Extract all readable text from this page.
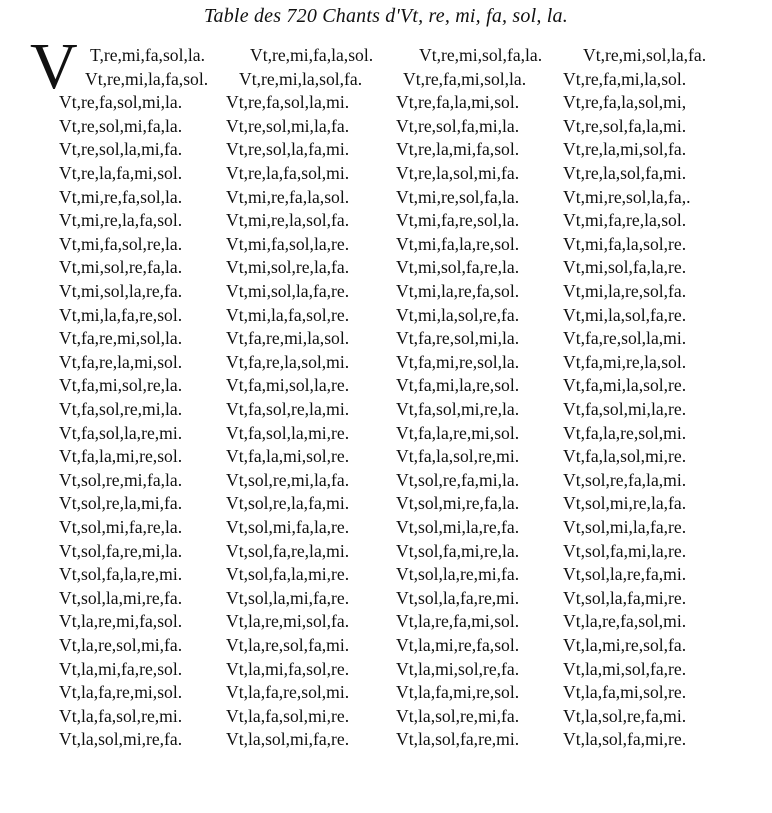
Table des 720 Chants d'Vt, re, mi, fa, sol, la.
V T,re,mi,fa,sol,la.	Vt,re,mi,fa,la,sol.	Vt,re,mi,sol,fa,la. Vt,re,mi,sol,la,fa.
Vt,re,mi,la,fa,sol. Vt,re,mi,la,sol,fa. Vt,re,fa,mi,sol,la. Vt,re,fa,mi,la,sol.
Vt,re,fa,sol,mi,la. Vt,re,fa,sol,la,mi.	Vt,re,fa,la,mi,sol. Vt,re,fa,la,sol,mi,
Vt,re,sol,mi,fa,la. Vt,re,sol,mi,la,fa.	Vt,re,sol,fa,mi,la. Vt,re,sol,fa,la,mi.
Vt,re,sol,la,mi,fa. Vt,re,sol,la,fa,mi.	Vt,re,la,mi,fa,sol. Vt,re,la,mi,sol,fa.
Vt,re,la,fa,mi,sol. Vt,re,la,fa,sol,mi.	Vt,re,la,sol,mi,fa. Vt,re,la,sol,fa,mi.
Vt,mi,re,fa,sol,la. Vt,mi,re,fa,la,sol.	Vt,mi,re,sol,fa,la. Vt,mi,re,sol,la,fa,.
Vt,mi,re,la,fa,sol. Vt,mi,re,la,sol,fa.	Vt,mi,fa,re,sol,la. Vt,mi,fa,re,la,sol.
Vt,mi,fa,sol,re,la. Vt,mi,fa,sol,la,re.	Vt,mi,fa,la,re,sol. Vt,mi,fa,la,sol,re.
Vt,mi,sol,re,fa,la. Vt,mi,sol,re,la,fa.	Vt,mi,sol,fa,re,la. Vt,mi,sol,fa,la,re.
Vt,mi,sol,la,re,fa. Vt,mi,sol,la,fa,re.	Vt,mi,la,re,fa,sol. Vt,mi,la,re,sol,fa.
Vt,mi,la,fa,re,sol. Vt,mi,la,fa,sol,re.	Vt,mi,la,sol,re,fa. Vt,mi,la,sol,fa,re.
Vt,fa,re,mi,sol,la. Vt,fa,re,mi,la,sol.	Vt,fa,re,sol,mi,la. Vt,fa,re,sol,la,mi.
Vt,fa,re,la,mi,sol. Vt,fa,re,la,sol,mi.	Vt,fa,mi,re,sol,la. Vt,fa,mi,re,la,sol.
Vt,fa,mi,sol,re,la. Vt,fa,mi,sol,la,re.	Vt,fa,mi,la,re,sol. Vt,fa,mi,la,sol,re.
Vt,fa,sol,re,mi,la. Vt,fa,sol,re,la,mi.	Vt,fa,sol,mi,re,la. Vt,fa,sol,mi,la,re.
Vt,fa,sol,la,re,mi. Vt,fa,sol,la,mi,re.	Vt,fa,la,re,mi,sol. Vt,fa,la,re,sol,mi.
Vt,fa,la,mi,re,sol. Vt,fa,la,mi,sol,re.	Vt,fa,la,sol,re,mi. Vt,fa,la,sol,mi,re.
Vt,sol,re,mi,fa,la. Vt,sol,re,mi,la,fa.	Vt,sol,re,fa,mi,la. Vt,sol,re,fa,la,mi.
Vt,sol,re,la,mi,fa. Vt,sol,re,la,fa,mi.	Vt,sol,mi,re,fa,la. Vt,sol,mi,re,la,fa.
Vt,sol,mi,fa,re,la. Vt,sol,mi,fa,la,re.	Vt,sol,mi,la,re,fa. Vt,sol,mi,la,fa,re.
Vt,sol,fa,re,mi,la. Vt,sol,fa,re,la,mi.	Vt,sol,fa,mi,re,la. Vt,sol,fa,mi,la,re.
Vt,sol,fa,la,re,mi. Vt,sol,fa,la,mi,re.	Vt,sol,la,re,mi,fa. Vt,sol,la,re,fa,mi.
Vt,sol,la,mi,re,fa. Vt,sol,la,mi,fa,re.	Vt,sol,la,fa,re,mi. Vt,sol,la,fa,mi,re.
Vt,la,re,mi,fa,sol. Vt,la,re,mi,sol,fa.	Vt,la,re,fa,mi,sol. Vt,la,re,fa,sol,mi.
Vt,la,re,sol,mi,fa. Vt,la,re,sol,fa,mi.	Vt,la,mi,re,fa,sol. Vt,la,mi,re,sol,fa.
Vt,la,mi,fa,re,sol. Vt,la,mi,fa,sol,re.	Vt,la,mi,sol,re,fa. Vt,la,mi,sol,fa,re.
Vt,la,fa,re,mi,sol. Vt,la,fa,re,sol,mi.	Vt,la,fa,mi,re,sol. Vt,la,fa,mi,sol,re.
Vt,la,fa,sol,re,mi. Vt,la,fa,sol,mi,re.	Vt,la,sol,re,mi,fa. Vt,la,sol,re,fa,mi.
Vt,la,sol,mi,re,fa. Vt,la,sol,mi,fa,re.	Vt,la,sol,fa,re,mi. Vt,la,sol,fa,mi,re.
